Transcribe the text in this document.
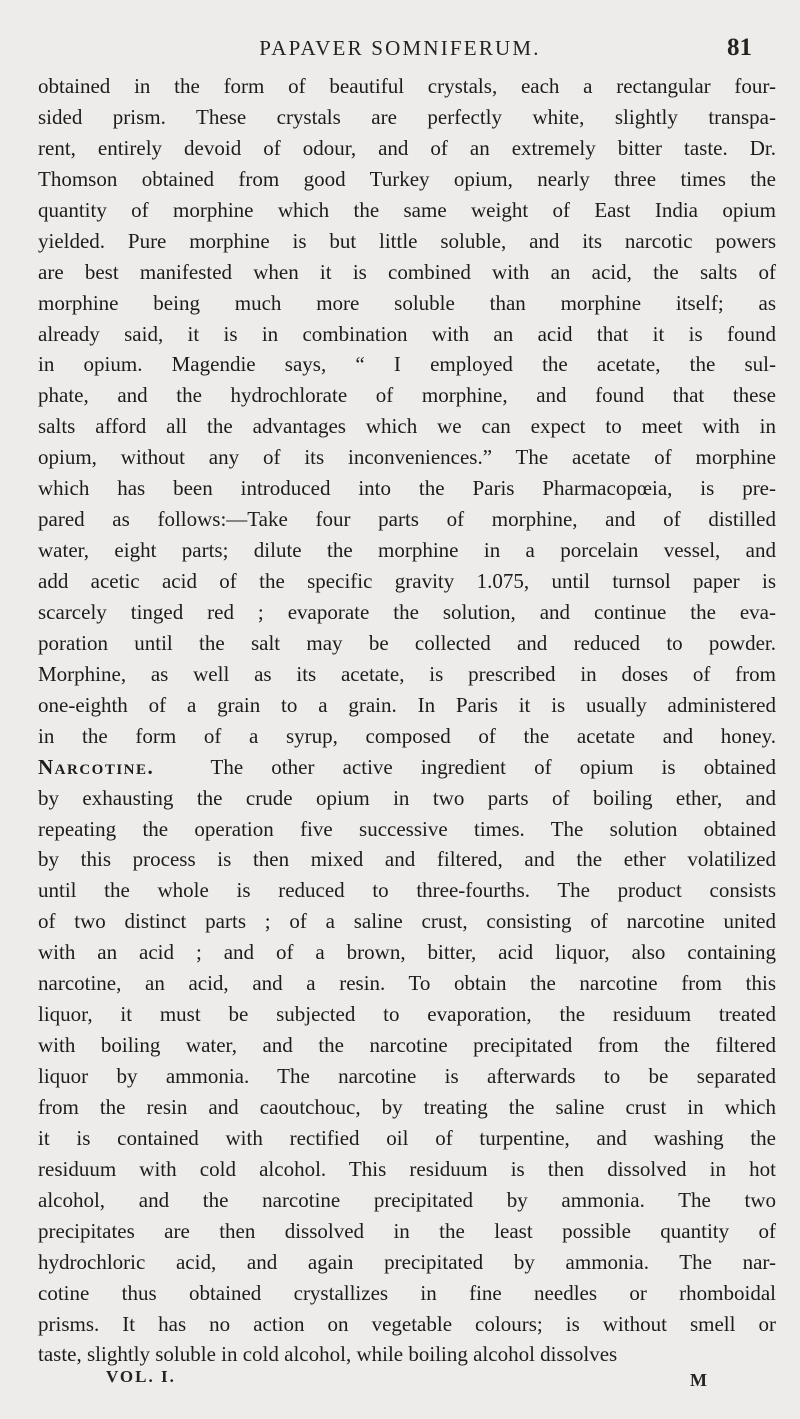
PAPAVER SOMNIFERUM.	81
obtained in the form of beautiful crystals, each a rectangular four-
sided prism. These crystals are perfectly white, slightly transpa-
rent, entirely devoid of odour, and of an extremely bitter taste. Dr.
Thomson obtained from good Turkey opium, nearly three times the
quantity of morphine which the same weight of East India opium
yielded. Pure morphine is but little soluble, and its narcotic powers
are best manifested when it is combined with an acid, the salts of
morphine being much more soluble than morphine itself; as
already said, it is in combination with an acid that it is found
in opium. Magendie says, “ I employed the acetate, the sul-
phate, and the hydrochlorate of morphine, and found that these
salts afford all the advantages which we can expect to meet with in
opium, without any of its inconveniences.” The acetate of morphine
which has been introduced into the Paris Pharmacopœia, is pre-
pared as follows:—Take four parts of morphine, and of distilled
water, eight parts; dilute the morphine in a porcelain vessel, and
add acetic acid of the specific gravity 1.075, until turnsol paper is
scarcely tinged red ; evaporate the solution, and continue the eva-
poration until the salt may be collected and reduced to powder.
Morphine, as well as its acetate, is prescribed in doses of from
one-eighth of a grain to a grain. In Paris it is usually administered
in the form of a syrup, composed of the acetate and honey.
Narcotine.	The other active ingredient of opium is obtained
by exhausting the crude opium in two parts of boiling ether, and
repeating the operation five successive times. The solution obtained
by this process is then mixed and filtered, and the ether volatilized
until the whole is reduced to three-fourths. The product consists
of two distinct parts ; of a saline crust, consisting of narcotine united
with an acid ; and of a brown, bitter, acid liquor, also containing
narcotine, an acid, and a resin. To obtain the narcotine from this
liquor, it must be subjected to evaporation, the residuum treated
with boiling water, and the narcotine precipitated from the filtered
liquor by ammonia. The narcotine is afterwards to be separated
from the resin and caoutchouc, by treating the saline crust in which
it is contained with rectified oil of turpentine, and washing the
residuum with cold alcohol. This residuum is then dissolved in hot
alcohol, and the narcotine precipitated by ammonia. The two
precipitates are then dissolved in the least possible quantity of
hydrochloric acid, and again precipitated by ammonia. The nar-
cotine thus obtained crystallizes in fine needles or rhomboidal
prisms. It has no action on vegetable colours; is without smell or
taste, slightly soluble in cold alcohol, while boiling alcohol dissolves
VOL. I.	M
